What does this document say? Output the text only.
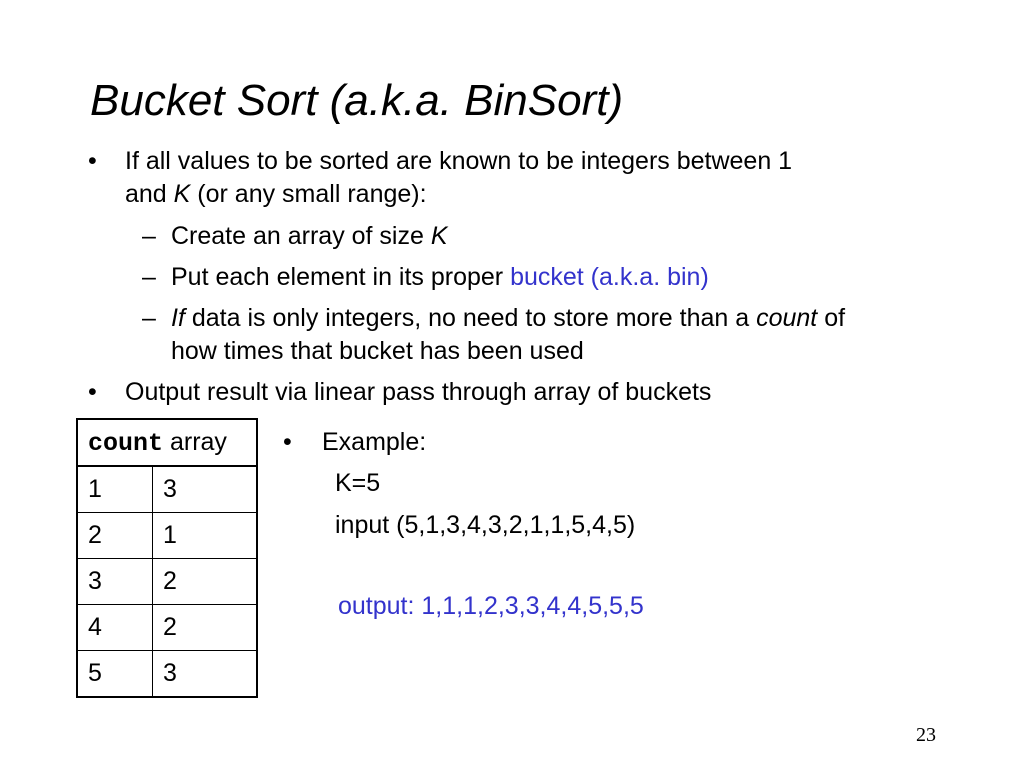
Bucket Sort (a.k.a. BinSort)
• If all values to be sorted are known to be integers between 1
and K (or any small range):
– Create an array of size K
– Put each element in its proper bucket (a.k.a. bin)
– If data is only integers, no need to store more than a count of
how times that bucket has been used
• Output result via linear pass through array of buckets
count array	
1	3
2	1
3	2
4	2
5	3
• Example:
K=5
input (5,1,3,4,3,2,1,1,5,4,5)
output: 1,1,1,2,3,3,4,4,5,5,5
23
